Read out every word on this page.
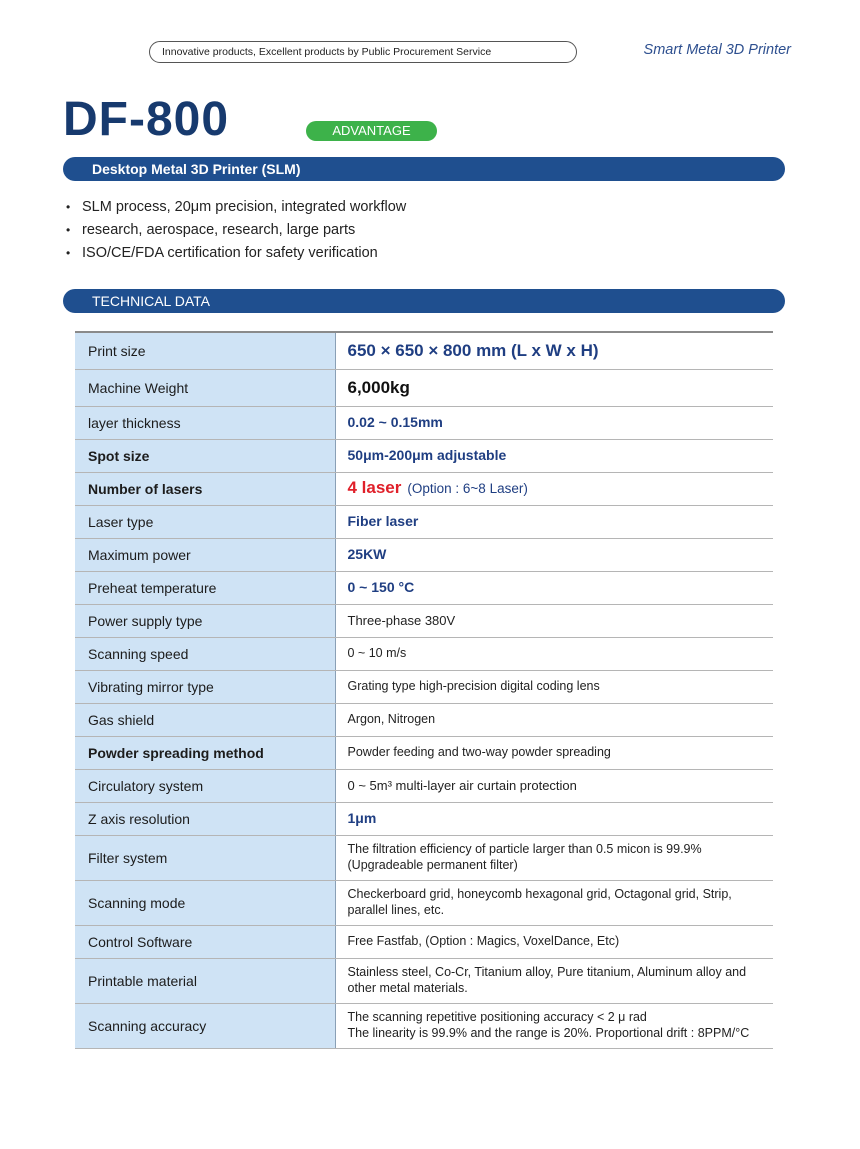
Innovative products, Excellent products by Public Procurement Service	Smart Metal 3D Printer
DF-800	ADVANTAGE
Desktop Metal 3D Printer (SLM)
• SLM process, 20μm precision, integrated workflow
• research, aerospace, research, large parts
• ISO/CE/FDA certification for safety verification
TECHNICAL DATA
Print size	650 × 650 × 800 mm (L x W x H)
Machine Weight	6,000kg
layer thickness	0.02 ~ 0.15mm
Spot size	50μm-200μm adjustable
Number of lasers	4 laser (Option : 6~8 Laser)
Laser type	Fiber laser
Maximum power	25KW
Preheat temperature	0 ~ 150 °C
Power supply type	Three-phase 380V
Scanning speed	0 ~ 10 m/s
Vibrating mirror type	Grating type high-precision digital coding lens
Gas shield	Argon, Nitrogen
Powder spreading method	Powder feeding and two-way powder spreading
Circulatory system	0 ~ 5m³ multi-layer air curtain protection
Z axis resolution	1μm
Filter system	The filtration efficiency of particle larger than 0.5 micon is 99.9%
(Upgradeable permanent filter)

Scanning mode	Checkerboard grid, honeycomb hexagonal grid, Octagonal grid, Strip,
parallel lines, etc.

Control Software	Free Fastfab, (Option : Magics, VoxelDance, Etc)
Printable material	Stainless steel, Co-Cr, Titanium alloy, Pure titanium, Aluminum alloy and
other metal materials.

Scanning accuracy	The scanning repetitive positioning accuracy < 2 μ rad
The linearity is 99.9% and the range is 20%. Proportional drift : 8PPM/°C
